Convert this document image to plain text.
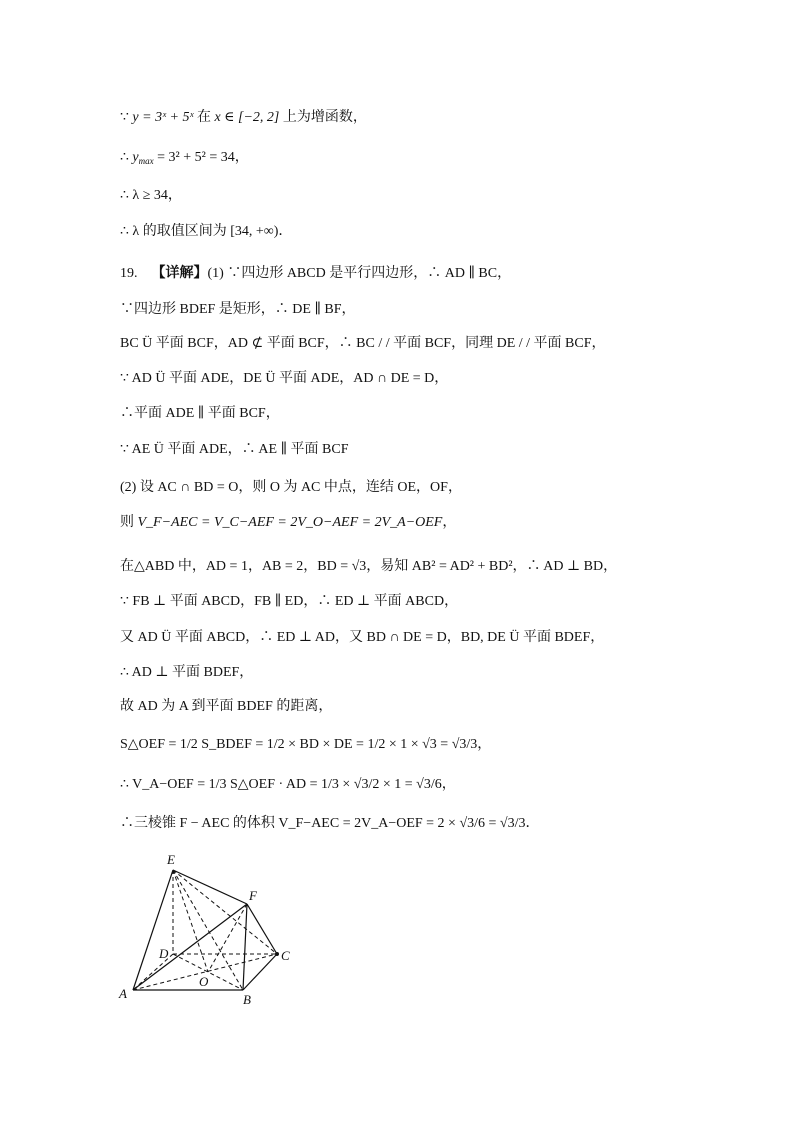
∵ y = 3ˣ + 5ˣ 在 x ∈ [−2, 2] 上为增函数，
∴ $y_{max} = 3^2 + 5^2 = 34$，
∴ λ ≥ 34，
∴ λ 的取值区间为 [34, +∞)．
19. 【详解】(1) ∵四边形 ABCD 是平行四边形，∴ AD ∥ BC，
∵四边形 BDEF 是矩形，∴ DE ∥ BF，
BC Ü 平面 BCF，AD ⊄ 平面 BCF，∴ BC / / 平面 BCF，同理 DE / / 平面 BCF，
∵ AD Ü 平面 ADE，DE Ü 平面 ADE，AD ∩ DE = D，
∴平面 ADE ∥ 平面 BCF，
∵ AE Ü 平面 ADE，∴ AE ∥ 平面 BCF
(2) 设 AC ∩ BD = O，则 O 为 AC 中点，连结 OE，OF，
则 V_F−AEC = V_C−AEF = 2V_O−AEF = 2V_A−OEF，
在△ABD 中，AD = 1，AB = 2，BD = √3，易知 AB² = AD² + BD²，∴ AD ⊥ BD，
∵ FB ⊥ 平面 ABCD，FB ∥ ED，∴ ED ⊥ 平面 ABCD，
又 AD Ü 平面 ABCD，∴ ED ⊥ AD，又 BD ∩ DE = D，BD, DE Ü 平面 BDEF，
∴ AD ⊥ 平面 BDEF，
故 AD 为 A 到平面 BDEF 的距离，
S△OEF = 1/2 S_BDEF = 1/2 × BD × DE = 1/2 × 1 × √3 = √3/3，
∴ V_A−OEF = 1/3 S△OEF · AD = 1/3 × √3/2 × 1 = √3/6，
∴三棱锥 F − AEC 的体积 V_F−AEC = 2V_A−OEF = 2 × √3/6 = √3/3．
E
F
D	C
O
A	B
